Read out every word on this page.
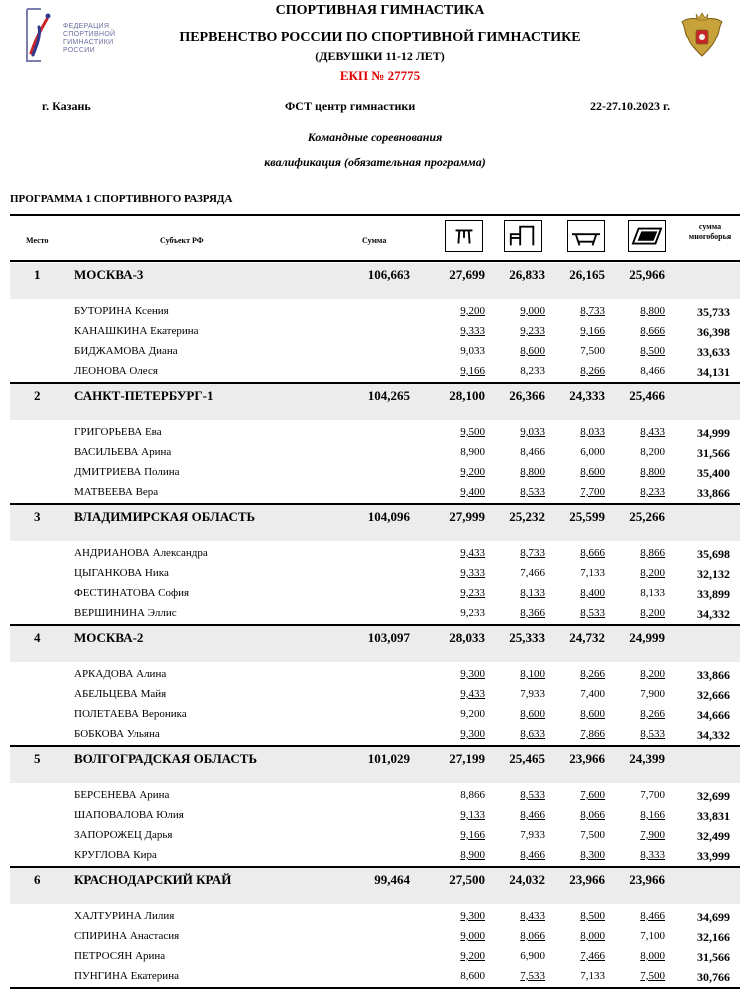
ФЕДЕРАЦИЯ
СПОРТИВНОЙ
ГИМНАСТИКИ
РОССИИ
СПОРТИВНАЯ ГИМНАСТИКА
ПЕРВЕНСТВО РОССИИ ПО СПОРТИВНОЙ ГИМНАСТИКЕ
(ДЕВУШКИ 11-12 ЛЕТ)
ЕКП № 27775
г. Казань	ФСТ центр гимнастики	22-27.10.2023 г.
Командные соревнования
квалификация (обязательная программа)
ПРОГРАММА 1 СПОРТИВНОГО РАЗРЯДА
Место	Субъект РФ	Сумма
сумма
многоборья
1	МОСКВА-3	106,663	27,699	26,833	26,165	25,966
БУТОРИНА Ксения	9,200	9,000	8,733	8,800	35,733
КАНАШКИНА Екатерина	9,333	9,233	9,166	8,666	36,398
БИДЖАМОВА Диана	9,033	8,600	7,500	8,500	33,633
ЛЕОНОВА Олеся	9,166	8,233	8,266	8,466	34,131
2	САНКТ-ПЕТЕРБУРГ-1	104,265	28,100	26,366	24,333	25,466
ГРИГОРЬЕВА Ева	9,500	9,033	8,033	8,433	34,999
ВАСИЛЬЕВА Арина	8,900	8,466	6,000	8,200	31,566
ДМИТРИЕВА Полина	9,200	8,800	8,600	8,800	35,400
МАТВЕЕВА Вера	9,400	8,533	7,700	8,233	33,866
3	ВЛАДИМИРСКАЯ ОБЛАСТЬ	104,096	27,999	25,232	25,599	25,266
АНДРИАНОВА Александра	9,433	8,733	8,666	8,866	35,698
ЦЫГАНКОВА Ника	9,333	7,466	7,133	8,200	32,132
ФЕСТИНАТОВА София	9,233	8,133	8,400	8,133	33,899
ВЕРШИНИНА Эллис	9,233	8,366	8,533	8,200	34,332
4	МОСКВА-2	103,097	28,033	25,333	24,732	24,999
АРКАДОВА Алина	9,300	8,100	8,266	8,200	33,866
АБЕЛЬЦЕВА Майя	9,433	7,933	7,400	7,900	32,666
ПОЛЕТАЕВА Вероника	9,200	8,600	8,600	8,266	34,666
БОБКОВА Ульяна	9,300	8,633	7,866	8,533	34,332
5	ВОЛГОГРАДСКАЯ ОБЛАСТЬ	101,029	27,199	25,465	23,966	24,399
БЕРСЕНЕВА Арина	8,866	8,533	7,600	7,700	32,699
ШАПОВАЛОВА Юлия	9,133	8,466	8,066	8,166	33,831
ЗАПОРОЖЕЦ Дарья	9,166	7,933	7,500	7,900	32,499
КРУГЛОВА Кира	8,900	8,466	8,300	8,333	33,999
6	КРАСНОДАРСКИЙ КРАЙ	99,464	27,500	24,032	23,966	23,966
ХАЛТУРИНА Лилия	9,300	8,433	8,500	8,466	34,699
СПИРИНА Анастасия	9,000	8,066	8,000	7,100	32,166
ПЕТРОСЯН Арина	9,200	6,900	7,466	8,000	31,566
ПУНГИНА Екатерина	8,600	7,533	7,133	7,500	30,766
